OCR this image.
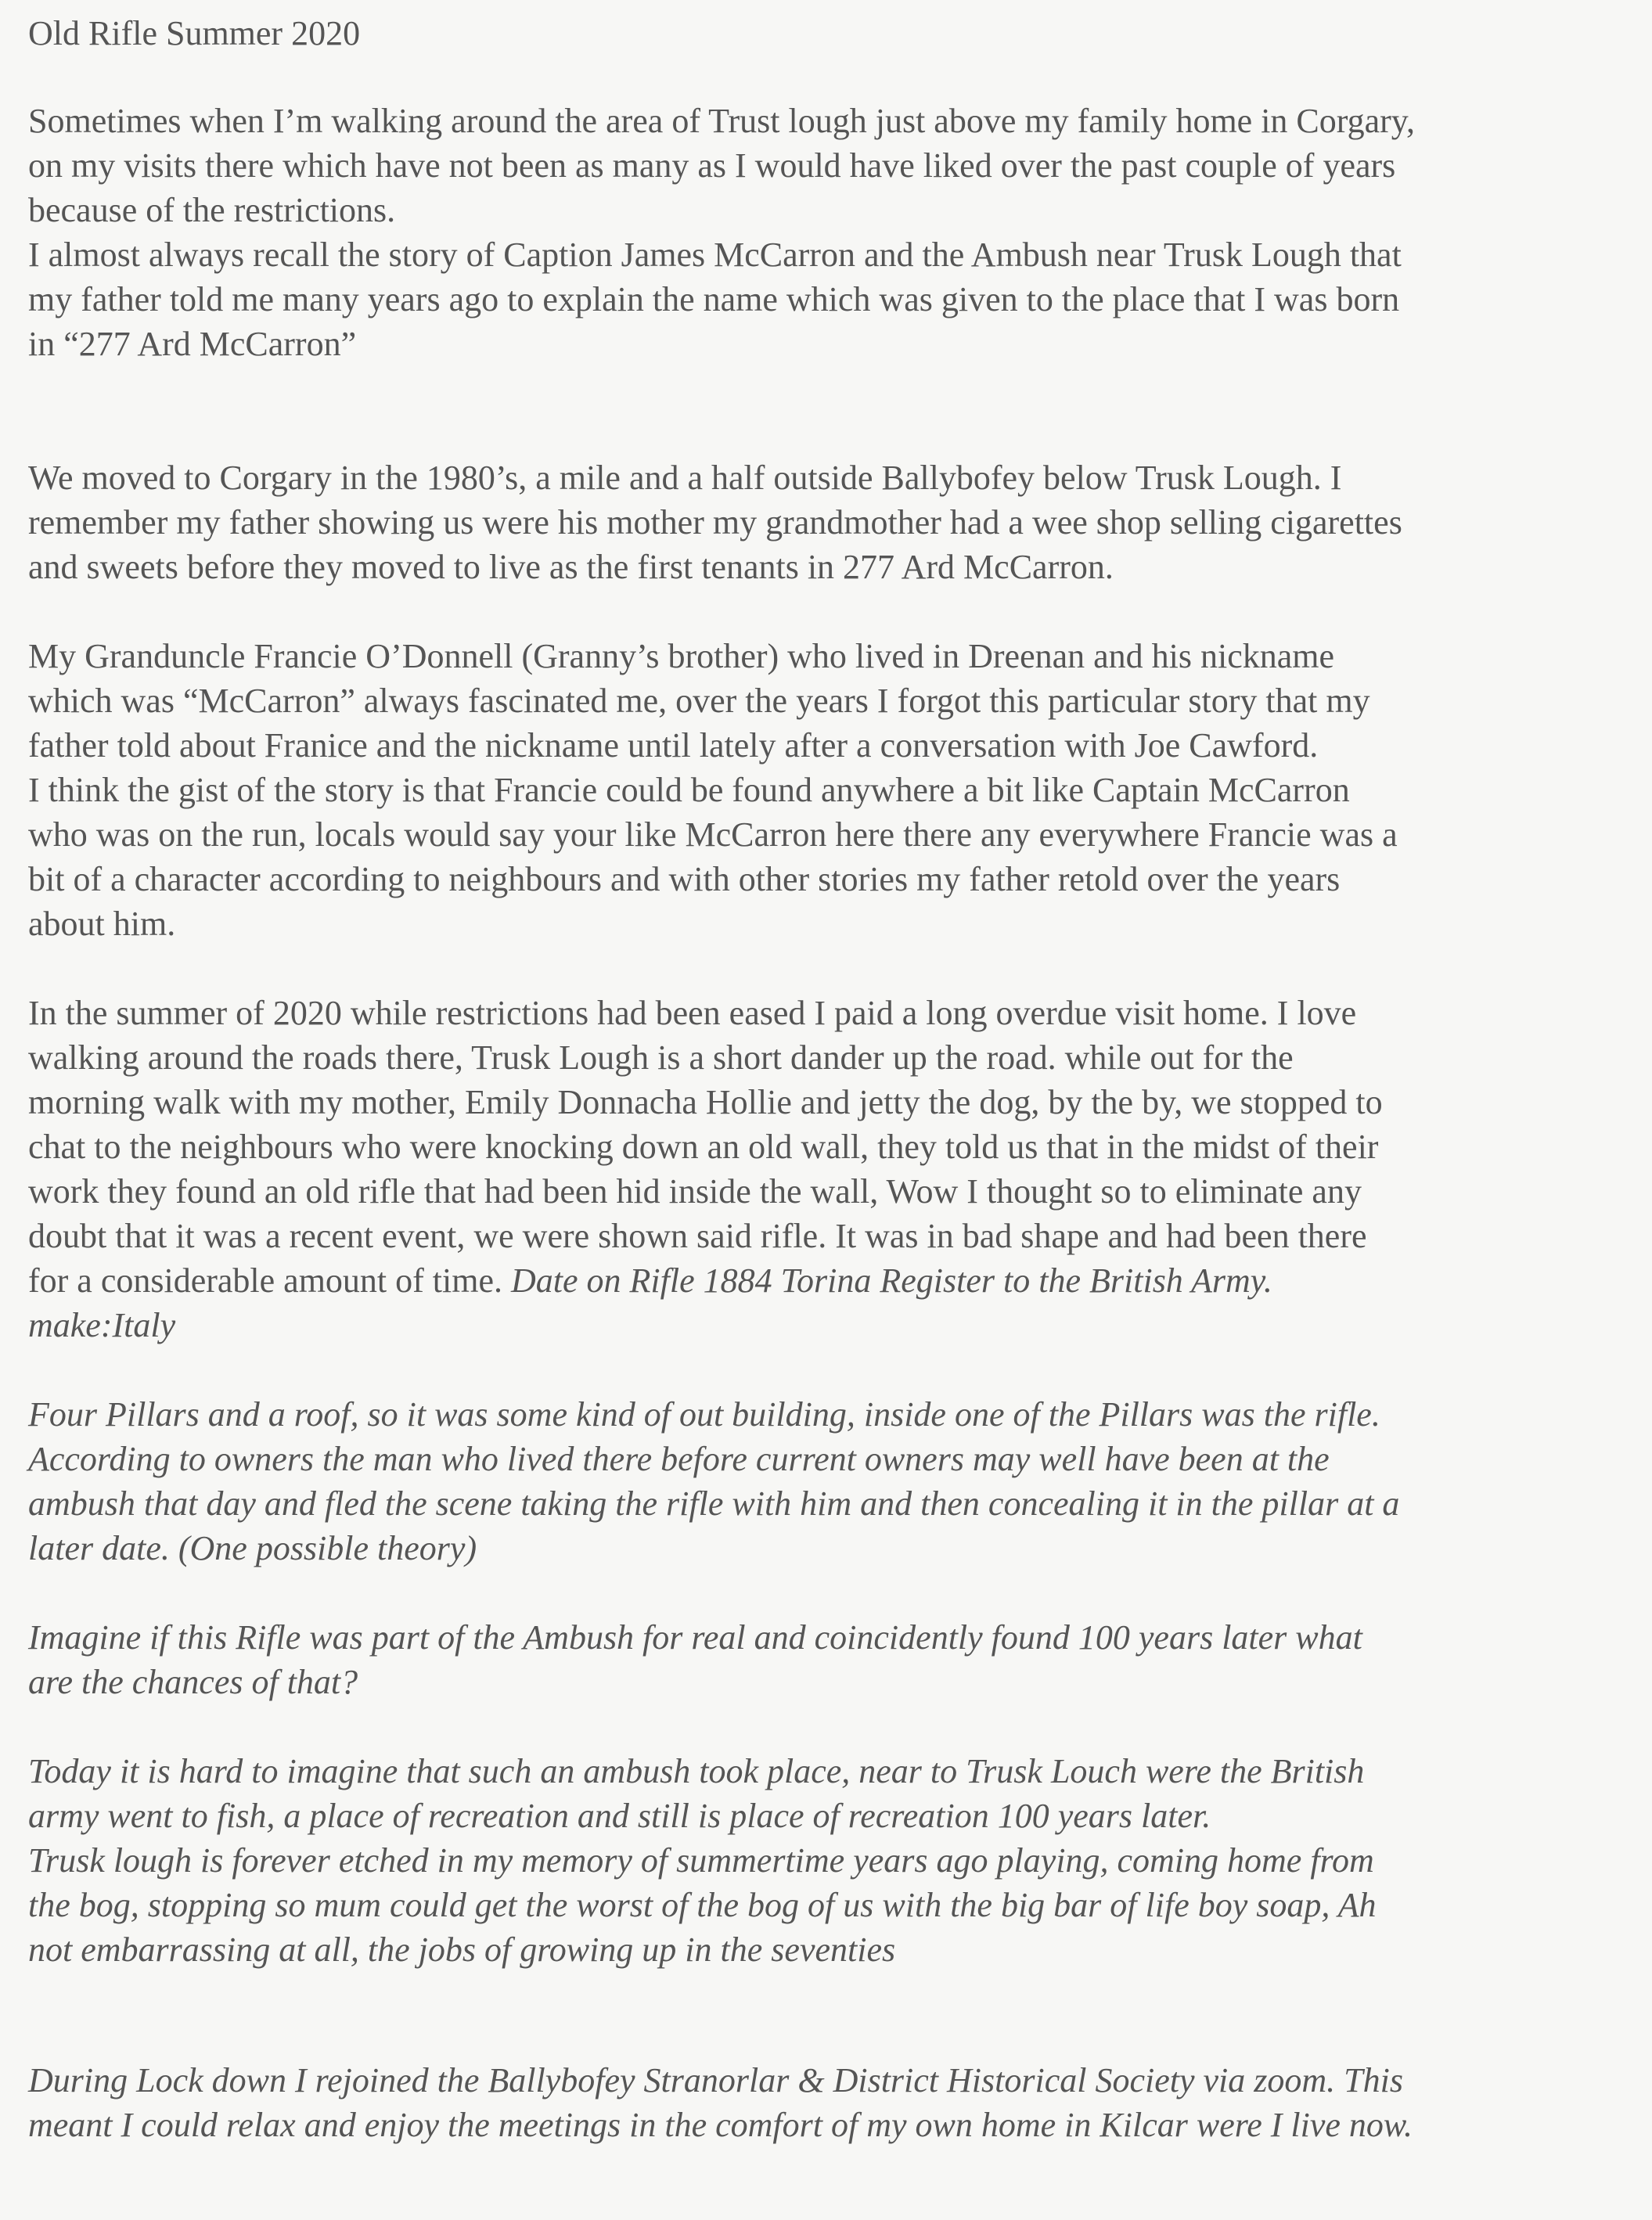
Old Rifle Summer 2020
Sometimes when I’m walking around the area of Trust lough just above my family home in Corgary,
on my visits there which have not been as many as I would have liked over the past couple of years
because of the restrictions.
I almost always recall the story of Caption James McCarron and the Ambush near Trusk Lough that
my father told me many years ago to explain the name which was given to the place that I was born
in “277 Ard McCarron”
We moved to Corgary in the 1980’s, a mile and a half outside Ballybofey below Trusk Lough. I
remember my father showing us were his mother my grandmother had a wee shop selling cigarettes
and sweets before they moved to live as the first tenants in 277 Ard McCarron.
My Granduncle Francie O’Donnell (Granny’s brother) who lived in Dreenan and his nickname
which was “McCarron” always fascinated me, over the years I forgot this particular story that my
father told about Franice and the nickname until lately after a conversation with Joe Cawford.
I think the gist of the story is that Francie could be found anywhere a bit like Captain McCarron
who was on the run, locals would say your like McCarron here there any everywhere Francie was a
bit of a character according to neighbours and with other stories my father retold over the years
about him.
In the summer of 2020 while restrictions had been eased I paid a long overdue visit home. I love
walking around the roads there, Trusk Lough is a short dander up the road. while out for the
morning walk with my mother, Emily Donnacha Hollie and jetty the dog, by the by, we stopped to
chat to the neighbours who were knocking down an old wall, they told us that in the midst of their
work they found an old rifle that had been hid inside the wall, Wow I thought so to eliminate any
doubt that it was a recent event, we were shown said rifle. It was in bad shape and had been there
for a considerable amount of time. Date on Rifle 1884 Torina Register to the British Army.
make:Italy
Four Pillars and a roof, so it was some kind of out building, inside one of the Pillars was the rifle.
According to owners the man who lived there before current owners may well have been at the
ambush that day and fled the scene taking the rifle with him and then concealing it in the pillar at a
later date. (One possible theory)
Imagine if this Rifle was part of the Ambush for real and coincidently found 100 years later what
are the chances of that?
Today it is hard to imagine that such an ambush took place, near to Trusk Louch were the British
army went to fish, a place of recreation and still is place of recreation 100 years later.
Trusk lough is forever etched in my memory of summertime years ago playing, coming home from
the bog, stopping so mum could get the worst of the bog of us with the big bar of life boy soap, Ah
not embarrassing at all, the jobs of growing up in the seventies
During Lock down I rejoined the Ballybofey Stranorlar & District Historical Society via zoom. This
meant I could relax and enjoy the meetings in the comfort of my own home in Kilcar were I live now.
